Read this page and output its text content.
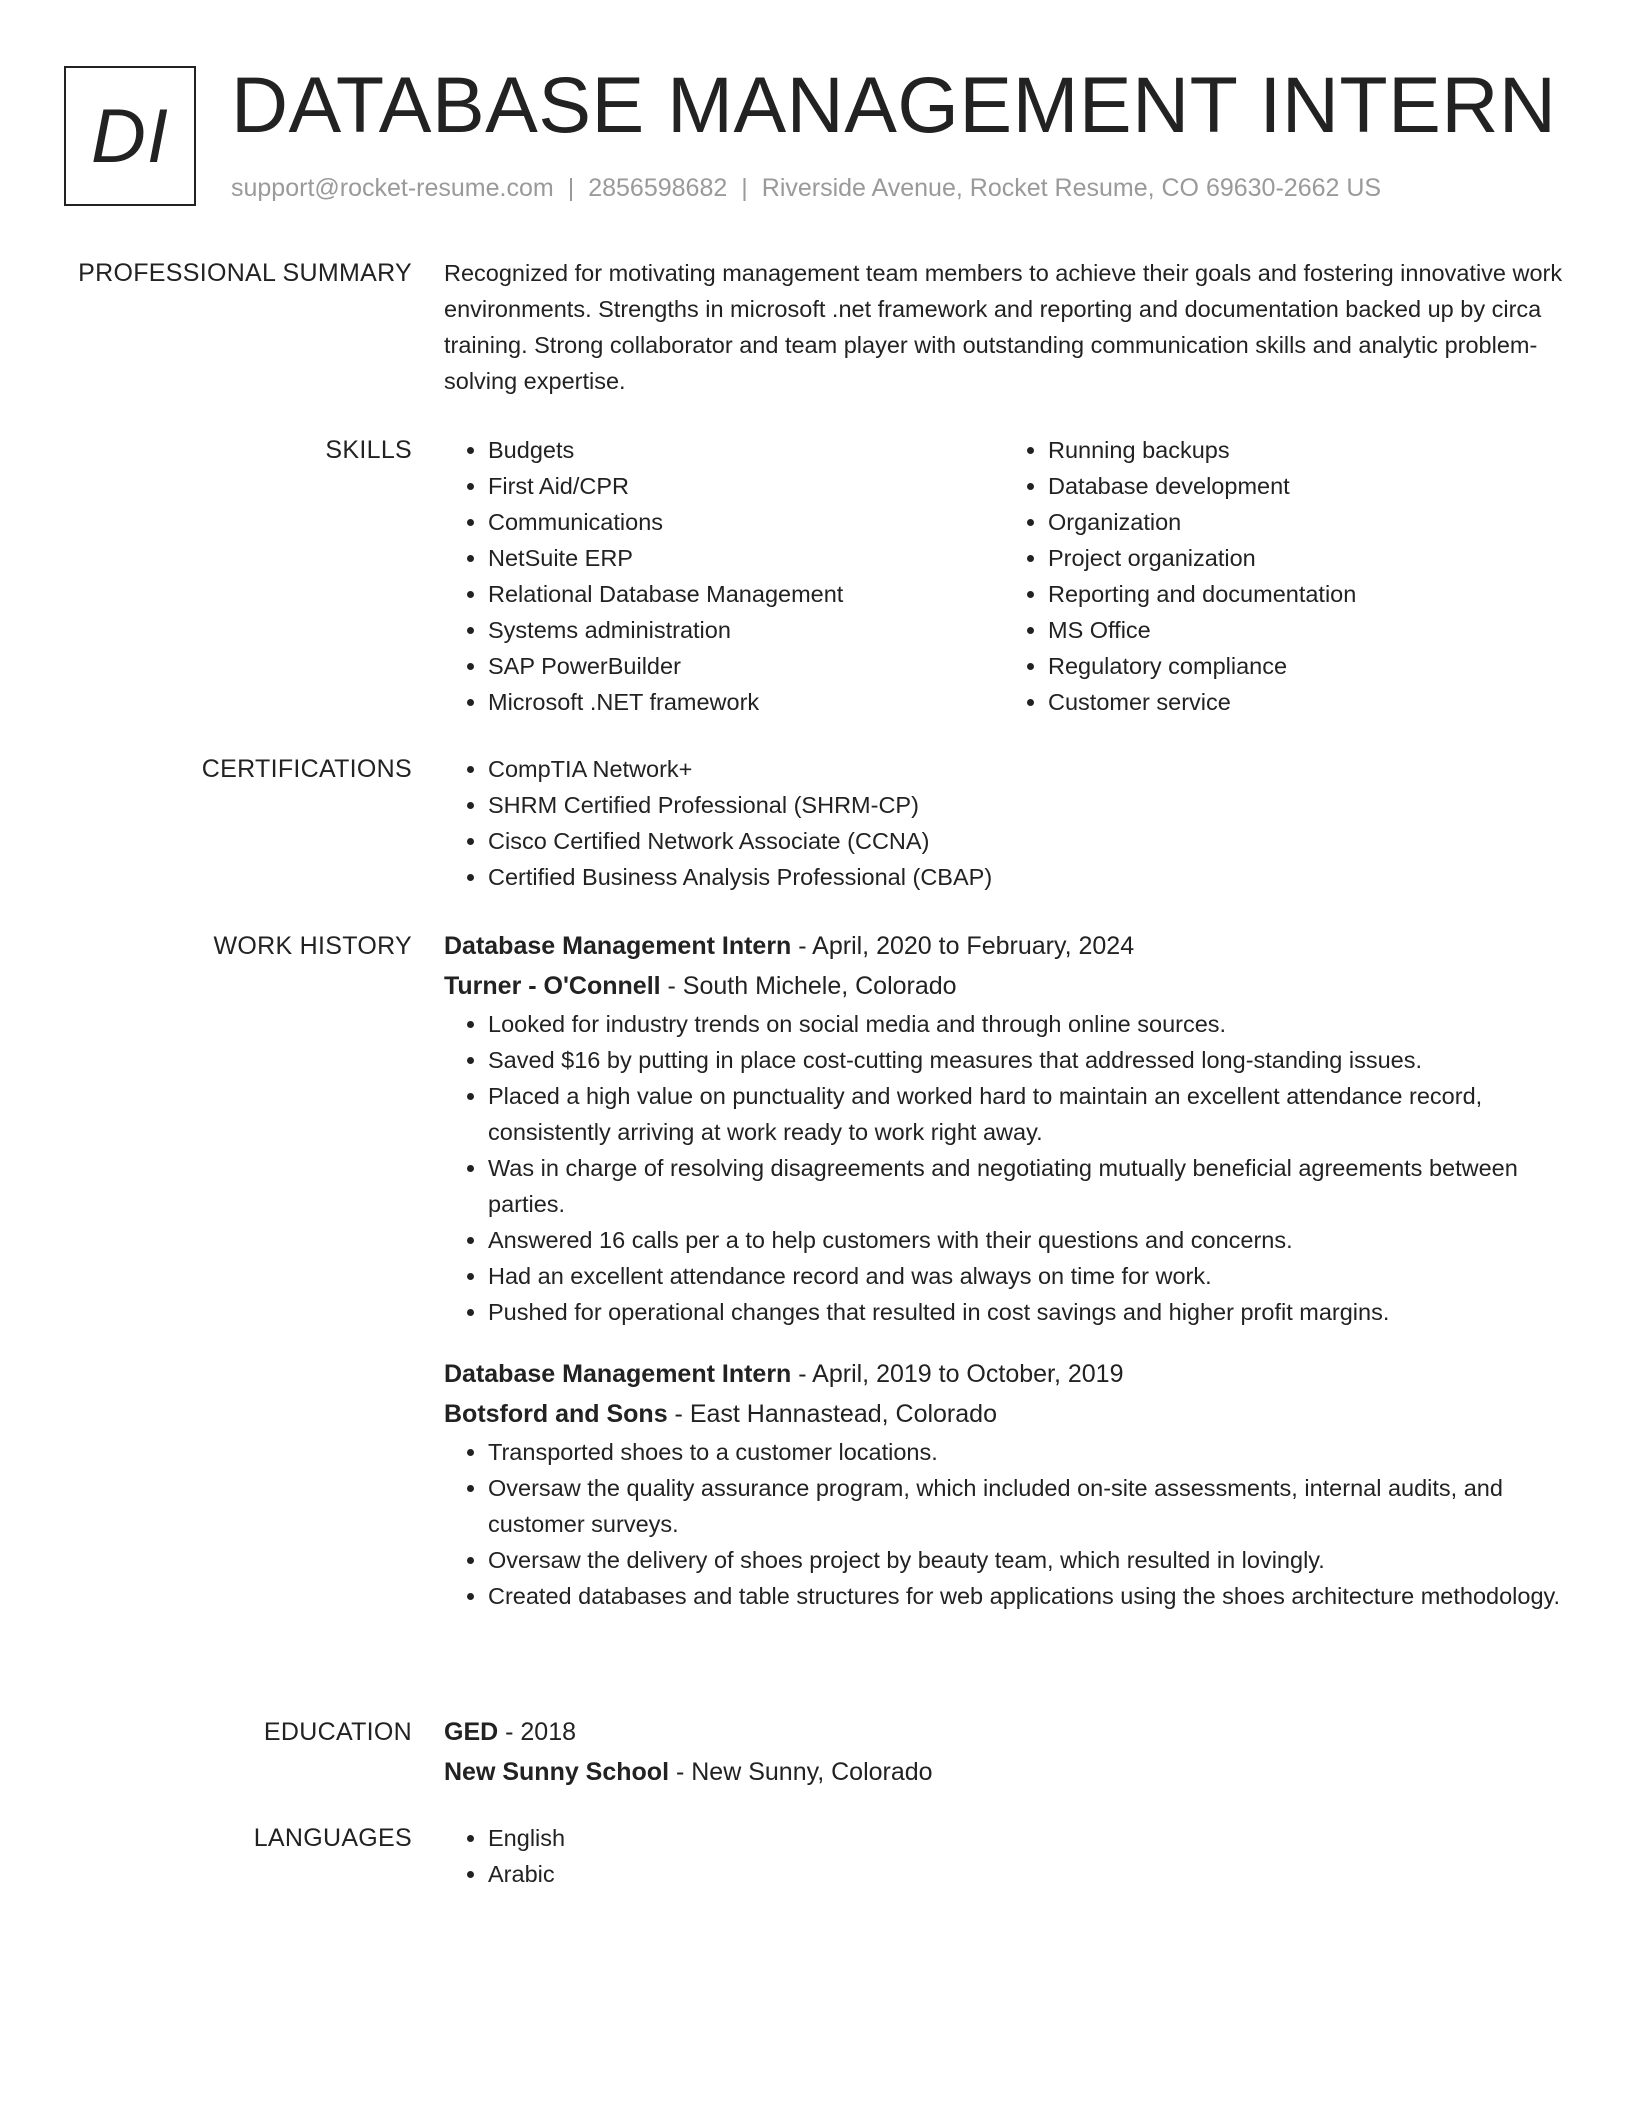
DI DATABASE MANAGEMENT INTERN
support@rocket-resume.com | 2856598682 | Riverside Avenue, Rocket Resume, CO 69630-2662 US
PROFESSIONAL SUMMARY Recognized for motivating management team members to achieve their goals and fostering innovative work environments. Strengths in microsoft .net framework and reporting and documentation backed up by circa training. Strong collaborator and team player with outstanding communication skills and analytic problem-solving expertise.
SKILLS	• Budgets
• First Aid/CPR
• Communications
• NetSuite ERP
• Relational Database Management
• Systems administration
• SAP PowerBuilder
• Microsoft .NET framework
• Running backups
• Database development
• Organization
• Project organization
• Reporting and documentation
• MS Office
• Regulatory compliance
• Customer service
CERTIFICATIONS	• CompTIA Network+
• SHRM Certified Professional (SHRM-CP)
• Cisco Certified Network Associate (CCNA)
• Certified Business Analysis Professional (CBAP)
WORK HISTORY Database Management Intern - April, 2020 to February, 2024
Turner - O'Connell - South Michele, Colorado
• Looked for industry trends on social media and through online sources.
• Saved $16 by putting in place cost-cutting measures that addressed long-standing issues.
• Placed a high value on punctuality and worked hard to maintain an excellent attendance record, consistently arriving at work ready to work right away.
• Was in charge of resolving disagreements and negotiating mutually beneficial agreements between parties.
• Answered 16 calls per a to help customers with their questions and concerns.
• Had an excellent attendance record and was always on time for work.
• Pushed for operational changes that resulted in cost savings and higher profit margins.
Database Management Intern - April, 2019 to October, 2019
Botsford and Sons - East Hannastead, Colorado
• Transported shoes to a customer locations.
• Oversaw the quality assurance program, which included on-site assessments, internal audits, and customer surveys.
• Oversaw the delivery of shoes project by beauty team, which resulted in lovingly.
• Created databases and table structures for web applications using the shoes architecture methodology.
EDUCATION GED - 2018
New Sunny School - New Sunny, Colorado
LANGUAGES	• English
• Arabic
